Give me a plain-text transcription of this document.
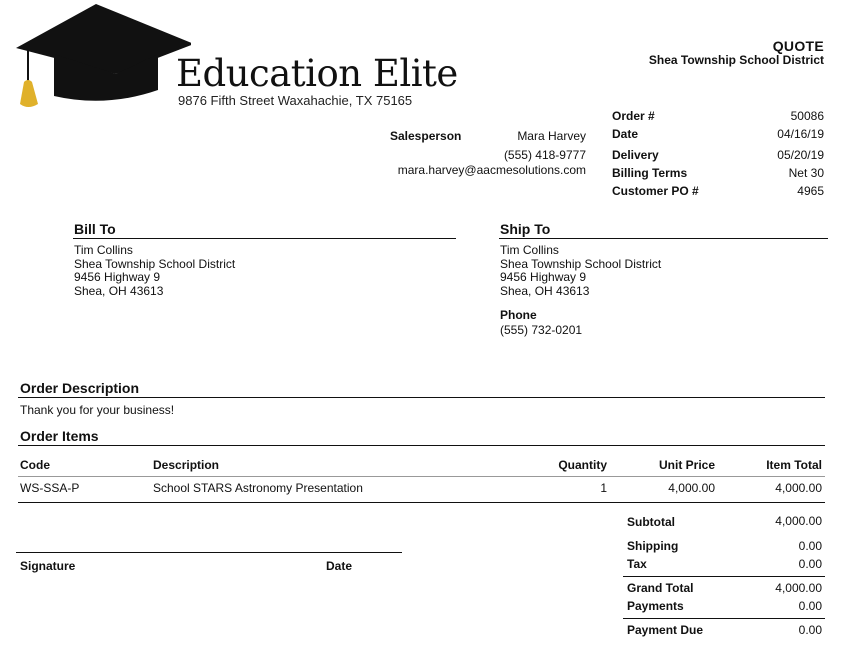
Education Elite
9876 Fifth Street Waxahachie, TX 75165
QUOTE
Shea Township School District
Salesperson	Mara Harvey
(555) 418-9777
mara.harvey@aacmesolutions.com
Order #	50086
Date	04/16/19
Delivery	05/20/19
Billing Terms	Net 30
Customer PO #	4965
Bill To
Tim Collins
Shea Township School District
9456 Highway 9
Shea, OH 43613
Ship To
Tim Collins
Shea Township School District
9456 Highway 9
Shea, OH 43613
Phone
(555) 732-0201
Order Description
Thank you for your business!
Order Items
Code	Description	Quantity	Unit Price	Item Total
WS-SSA-P	School STARS Astronomy Presentation	1	4,000.00	4,000.00
Signature	Date
Subtotal	4,000.00
Shipping	0.00
Tax	0.00
Grand Total	4,000.00
Payments	0.00
Payment Due	0.00
